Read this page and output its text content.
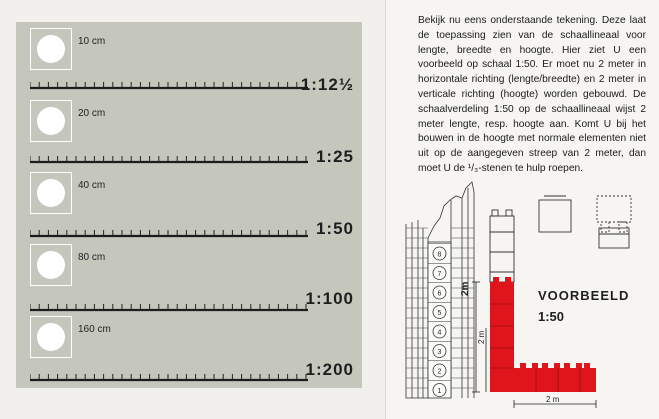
10 cm
1:12½
20 cm
1:25
40 cm
1:50
80 cm
1:100
160 cm
1:200
Bekijk nu eens onderstaande tekening. Deze laat de toepassing zien van de schaallineaal voor lengte, breedte en hoogte. Hier ziet U een voorbeeld op schaal 1:50. Er moet nu 2 meter in horizontale richting (lengte/breedte) en 2 meter in verticale richting (hoogte) worden gebouwd. De schaalverdeling 1:50 op de schaallineaal wijst 2 meter lengte, resp. hoogte aan. Komt U bij het bouwen in de hoogte met normale elementen niet uit op de aangegeven streep van 2 meter, dan moet U de ¹/₃-stenen te hulp roepen.
1
2
3
4
5
6
7
8
2m
2 m
2 m
VOORBEELD
1:50
